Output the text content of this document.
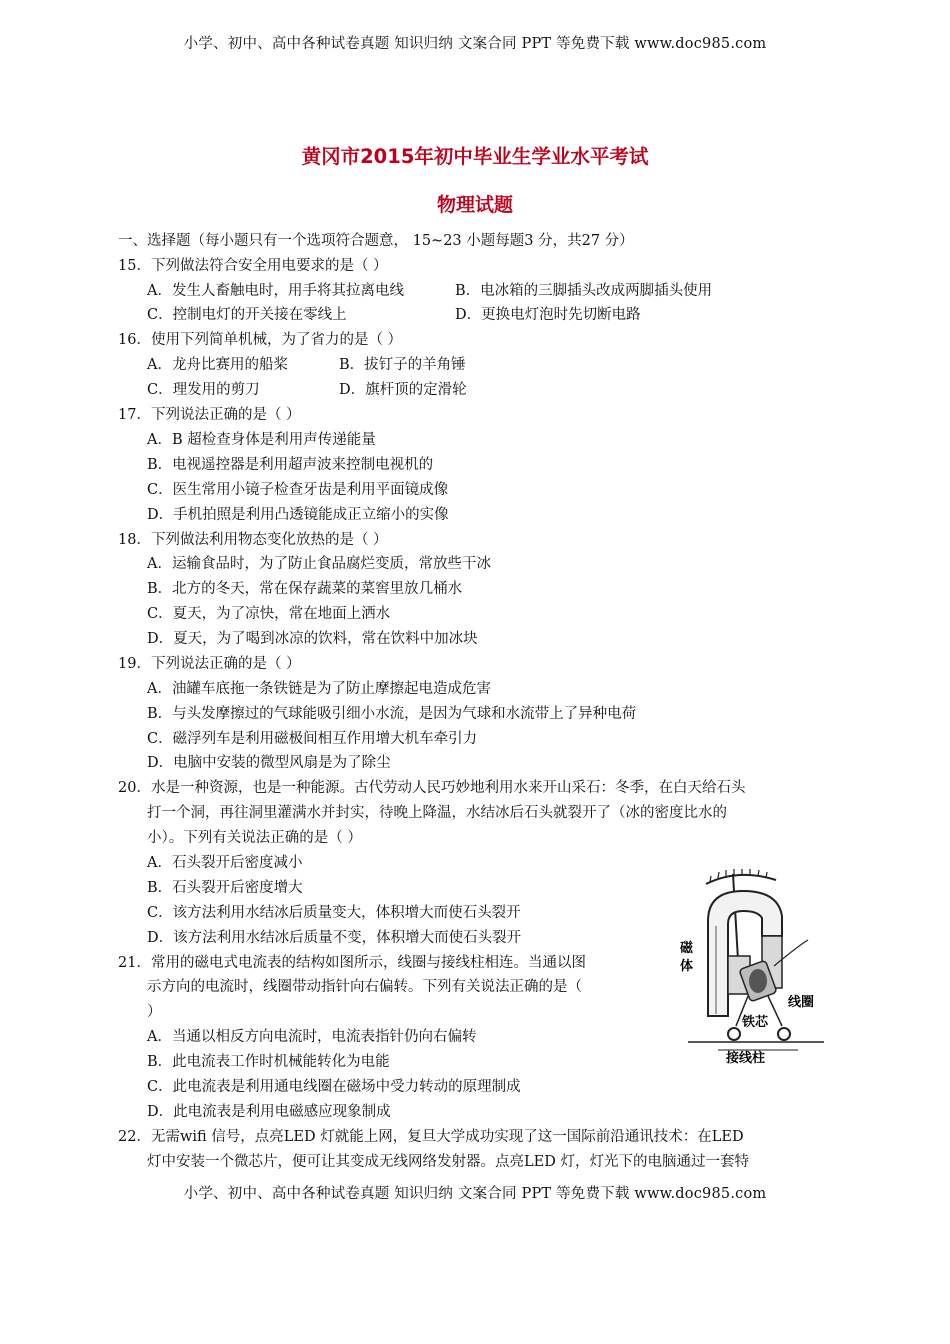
小学、初中、高中各种试卷真题 知识归纳 文案合同 PPT 等免费下载 www.doc985.com
黄冈市2015年初中毕业生学业水平考试
物理试题
一、选择题（每小题只有一个选项符合题意， 15~23 小题每题3 分，共27 分）
15．下列做法符合安全用电要求的是（ ）
A．发生人畜触电时，用手将其拉离电线	B．电冰箱的三脚插头改成两脚插头使用
C．控制电灯的开关接在零线上	D．更换电灯泡时先切断电路
16．使用下列简单机械，为了省力的是（ ）
A．龙舟比赛用的船桨	B．拔钉子的羊角锤
C．理发用的剪刀	D．旗杆顶的定滑轮
17．下列说法正确的是（ ）
A．B 超检查身体是利用声传递能量
B．电视遥控器是利用超声波来控制电视机的
C．医生常用小镜子检查牙齿是利用平面镜成像
D．手机拍照是利用凸透镜能成正立缩小的实像
18．下列做法利用物态变化放热的是（ ）
A．运输食品时，为了防止食品腐烂变质，常放些干冰
B．北方的冬天，常在保存蔬菜的菜窖里放几桶水
C．夏天，为了凉快，常在地面上洒水
D．夏天，为了喝到冰凉的饮料，常在饮料中加冰块
19．下列说法正确的是（ ）
A．油罐车底拖一条铁链是为了防止摩擦起电造成危害
B．与头发摩擦过的气球能吸引细小水流，是因为气球和水流带上了异种电荷
C．磁浮列车是利用磁极间相互作用增大机车牵引力
D．电脑中安装的微型风扇是为了除尘
20．水是一种资源，也是一种能源。古代劳动人民巧妙地利用水来开山采石：冬季，在白天给石头
打一个洞，再往洞里灌满水并封实，待晚上降温，水结冰后石头就裂开了（冰的密度比水的
小）。下列有关说法正确的是（ ）
A．石头裂开后密度减小
B．石头裂开后密度增大
C．该方法利用水结冰后质量变大，体积增大而使石头裂开
D．该方法利用水结冰后质量不变，体积增大而使石头裂开
21．常用的磁电式电流表的结构如图所示，线圈与接线柱相连。当通以图
示方向的电流时，线圈带动指针向右偏转。下列有关说法正确的是（
）
A．当通以相反方向电流时，电流表指针仍向右偏转
B．此电流表工作时机械能转化为电能
C．此电流表是利用通电线圈在磁场中受力转动的原理制成
D．此电流表是利用电磁感应现象制成
磁
体
线圈
铁芯
接线柱
22．无需wifi 信号，点亮LED 灯就能上网，复旦大学成功实现了这一国际前沿通讯技术：在LED
灯中安装一个微芯片，便可让其变成无线网络发射器。点亮LED 灯，灯光下的电脑通过一套特
小学、初中、高中各种试卷真题 知识归纳 文案合同 PPT 等免费下载 www.doc985.com
